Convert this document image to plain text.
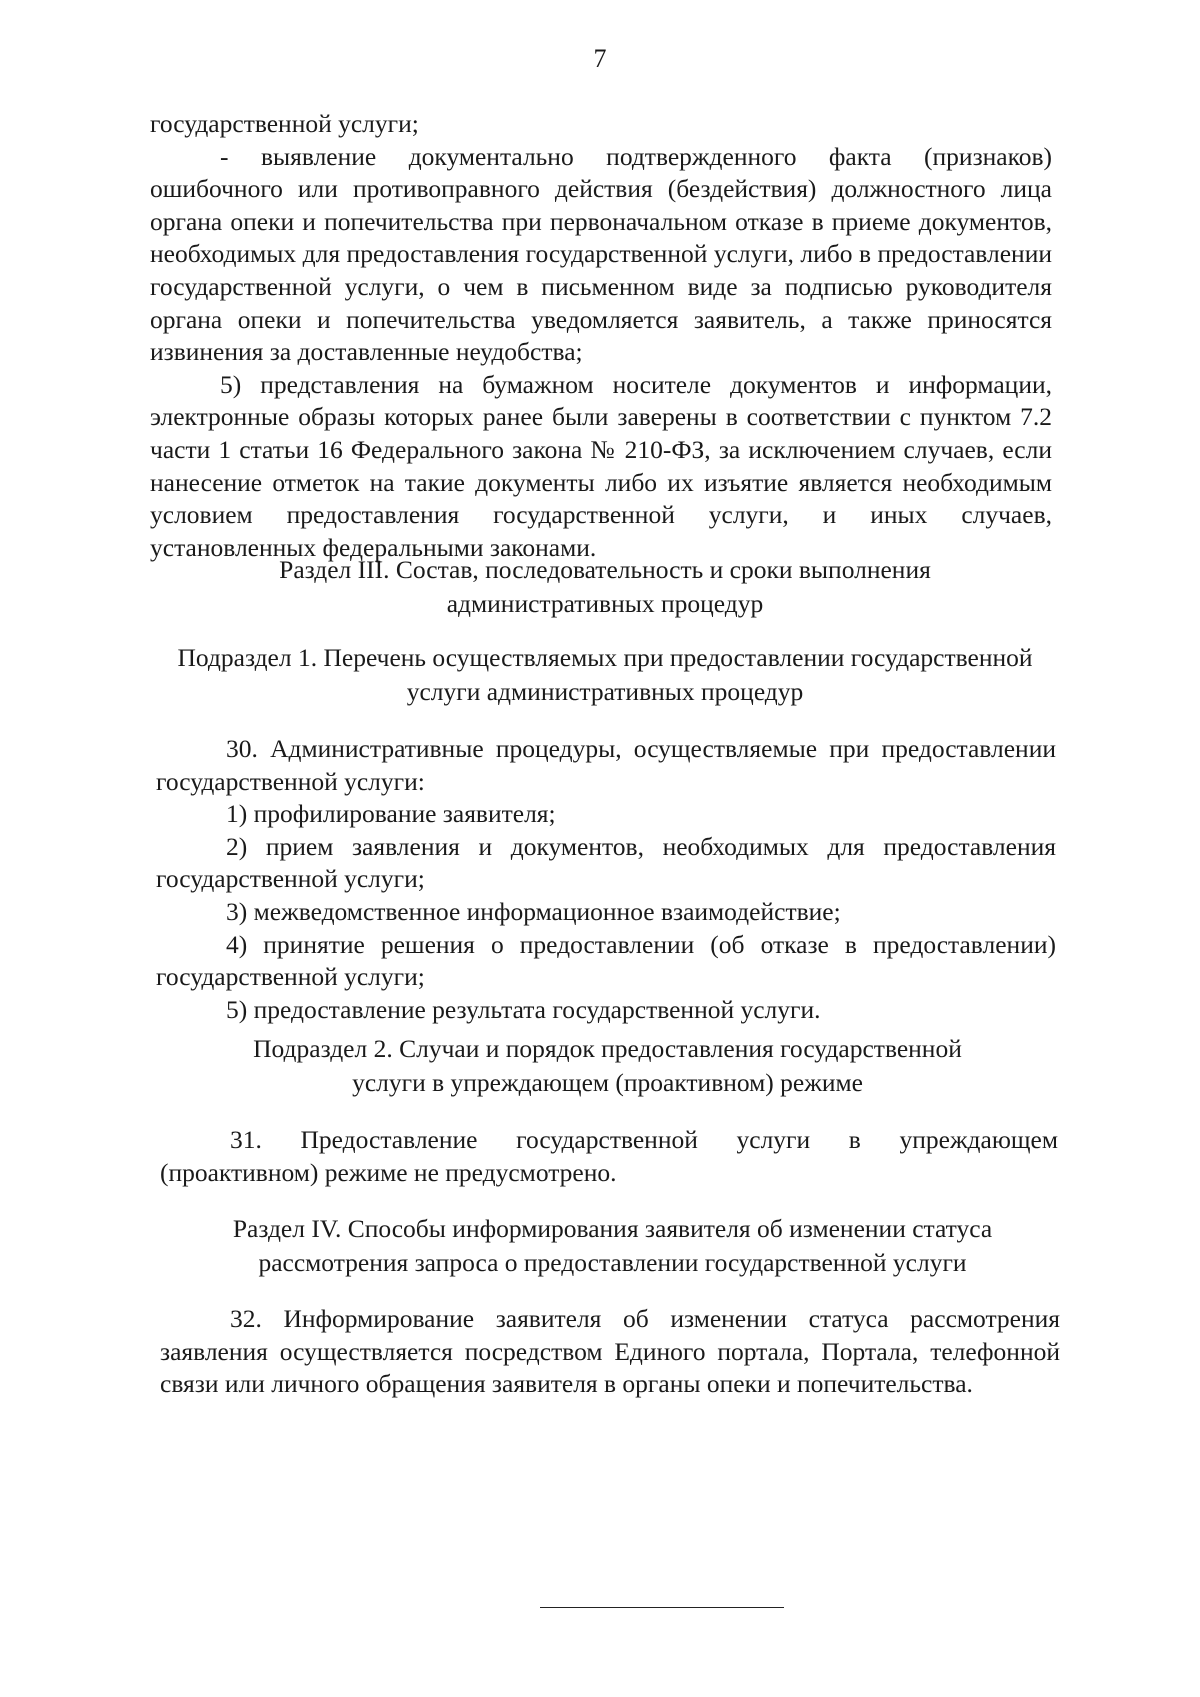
7

государственной услуги;

- выявление документально подтвержденного факта (признаков) ошибочного или противоправного действия (бездействия) должностного лица органа опеки и попечительства при первоначальном отказе в приеме документов, необходимых для предоставления государственной услуги, либо в предоставлении государственной услуги, о чем в письменном виде за подписью руководителя органа опеки и попечительства уведомляется заявитель, а также приносятся извинения за доставленные неудобства;

5) представления на бумажном носителе документов и информации, электронные образы которых ранее были заверены в соответствии с пунктом 7.2 части 1 статьи 16 Федерального закона № 210-ФЗ, за исключением случаев, если нанесение отметок на такие документы либо их изъятие является необходимым условием предоставления государственной услуги, и иных случаев, установленных федеральными законами.

Раздел III. Состав, последовательность и сроки выполнения
административных процедур
Подраздел 1. Перечень осуществляемых при предоставлении государственной
услуги административных процедур

30. Административные процедуры, осуществляемые при предоставлении государственной услуги:

1) профилирование заявителя;

2) прием заявления и документов, необходимых для предоставления государственной услуги;

3) межведомственное информационное взаимодействие;

4) принятие решения о предоставлении (об отказе в предоставлении) государственной услуги;

5) предоставление результата государственной услуги.

Подраздел 2. Случаи и порядок предоставления государственной
услуги в упреждающем (проактивном) режиме

31. Предоставление государственной услуги в упреждающем (проактивном) режиме не предусмотрено.

Раздел IV. Способы информирования заявителя об изменении статуса
рассмотрения запроса о предоставлении государственной услуги

32. Информирование заявителя об изменении статуса рассмотрения заявления осуществляется посредством Единого портала, Портала, телефонной связи или личного обращения заявителя в органы опеки и попечительства.
